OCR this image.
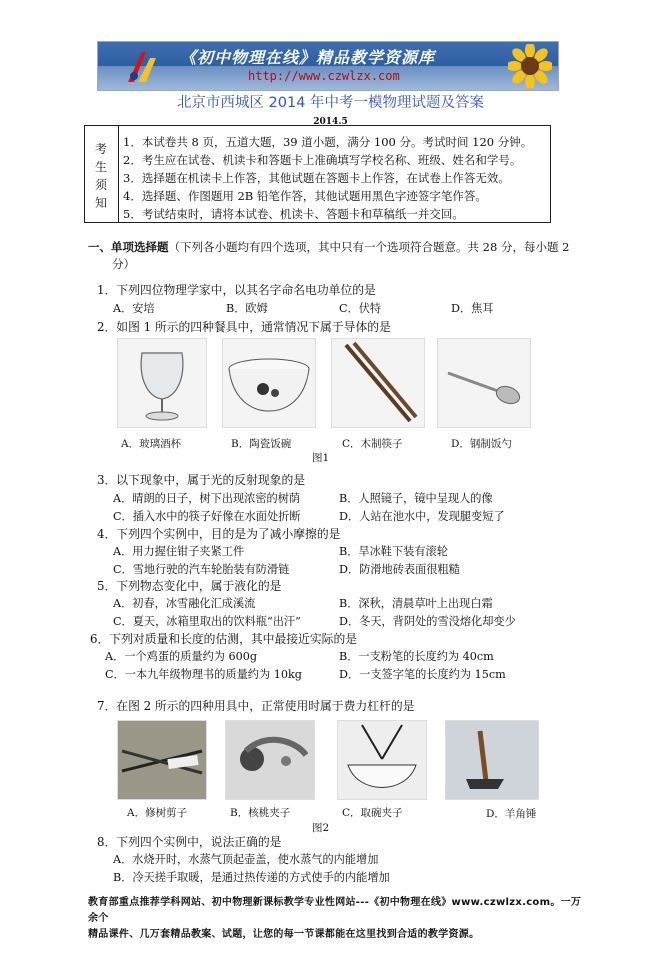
《初中物理在线》精品教学资源库
http://www.czwlzx.com
北京市西城区 2014 年中考一模物理试题及答案
2014.5
考
生
须
知
1．本试卷共 8 页，五道大题，39 道小题，满分 100 分。考试时间 120 分钟。
2．考生应在试卷、机读卡和答题卡上准确填写学校名称、班级、姓名和学号。
3．选择题在机读卡上作答，其他试题在答题卡上作答，在试卷上作答无效。
4．选择题、作图题用 2B 铅笔作答，其他试题用黑色字迹签字笔作答。
5．考试结束时，请将本试卷、机读卡、答题卡和草稿纸一并交回。
一、单项选择题（下列各小题均有四个选项，其中只有一个选项符合题意。共 28 分，每小题 2
分）
1．下列四位物理学家中，以其名字命名电功单位的是
A．安培	B．欧姆	C．伏特	D．焦耳
2．如图 1 所示的四种餐具中，通常情况下属于导体的是
A．玻璃酒杯	B．陶瓷饭碗	C．木制筷子	D．钢制饭勺
图1
3．以下现象中，属于光的反射现象的是
A．晴朗的日子，树下出现浓密的树荫	B．人照镜子，镜中呈现人的像
C．插入水中的筷子好像在水面处折断	D．人站在池水中，发现腿变短了
4．下列四个实例中，目的是为了减小摩擦的是
A．用力握住钳子夹紧工件	B．旱冰鞋下装有滚轮
C．雪地行驶的汽车轮胎装有防滑链	D．防滑地砖表面很粗糙
5．下列物态变化中，属于液化的是
A．初春，冰雪融化汇成溪流	B．深秋，清晨草叶上出现白霜
C．夏天，冰箱里取出的饮料瓶“出汗”	D．冬天，背阴处的雪没熔化却变少
6．下列对质量和长度的估测，其中最接近实际的是
A．一个鸡蛋的质量约为 600g	B．一支粉笔的长度约为 40cm
C．一本九年级物理书的质量约为 10kg	D．一支签字笔的长度约为 15cm
7．在图 2 所示的四种用具中，正常使用时属于费力杠杆的是
A．修树剪子	B．核桃夹子	C．取碗夹子	D．羊角锤
图2
8．下列四个实例中，说法正确的是
A．水烧开时，水蒸气顶起壶盖，使水蒸气的内能增加
B．冷天搓手取暖，是通过热传递的方式使手的内能增加
教育部重点推荐学科网站、初中物理新课标教学专业性网站---《初中物理在线》www.czwlzx.com。一万余个
精品课件、几万套精品教案、试题，让您的每一节课都能在这里找到合适的教学资源。
